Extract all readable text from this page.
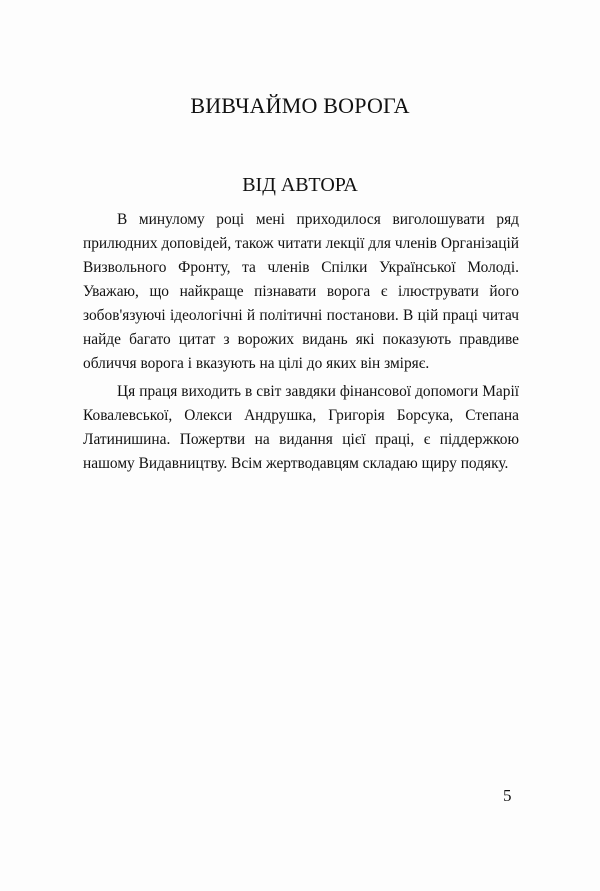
ВИВЧАЙМО ВОРОГА
ВІД АВТОРА

В минулому році мені приходилося виголошувати ряд прилюдних доповідей, також читати лекції для членів Організацій Визвольного Фронту, та членів Спілки Української Молоді. Уважаю, що найкраще пізнавати ворога є ілюструвати його зобов'язуючі ідеологічні й політичні постанови. В цій праці читач найде багато цитат з ворожих видань які показують правдиве обличчя ворога і вказують на цілі до яких він зміряє.

Ця праця виходить в світ завдяки фінансової допомоги Марії Ковалевської, Олекси Андрушка, Григорія Борсука, Степана Латинишина. Пожертви на видання цієї праці, є піддержкою нашому Видавництву. Всім жертводавцям складаю щиру подяку.

5
